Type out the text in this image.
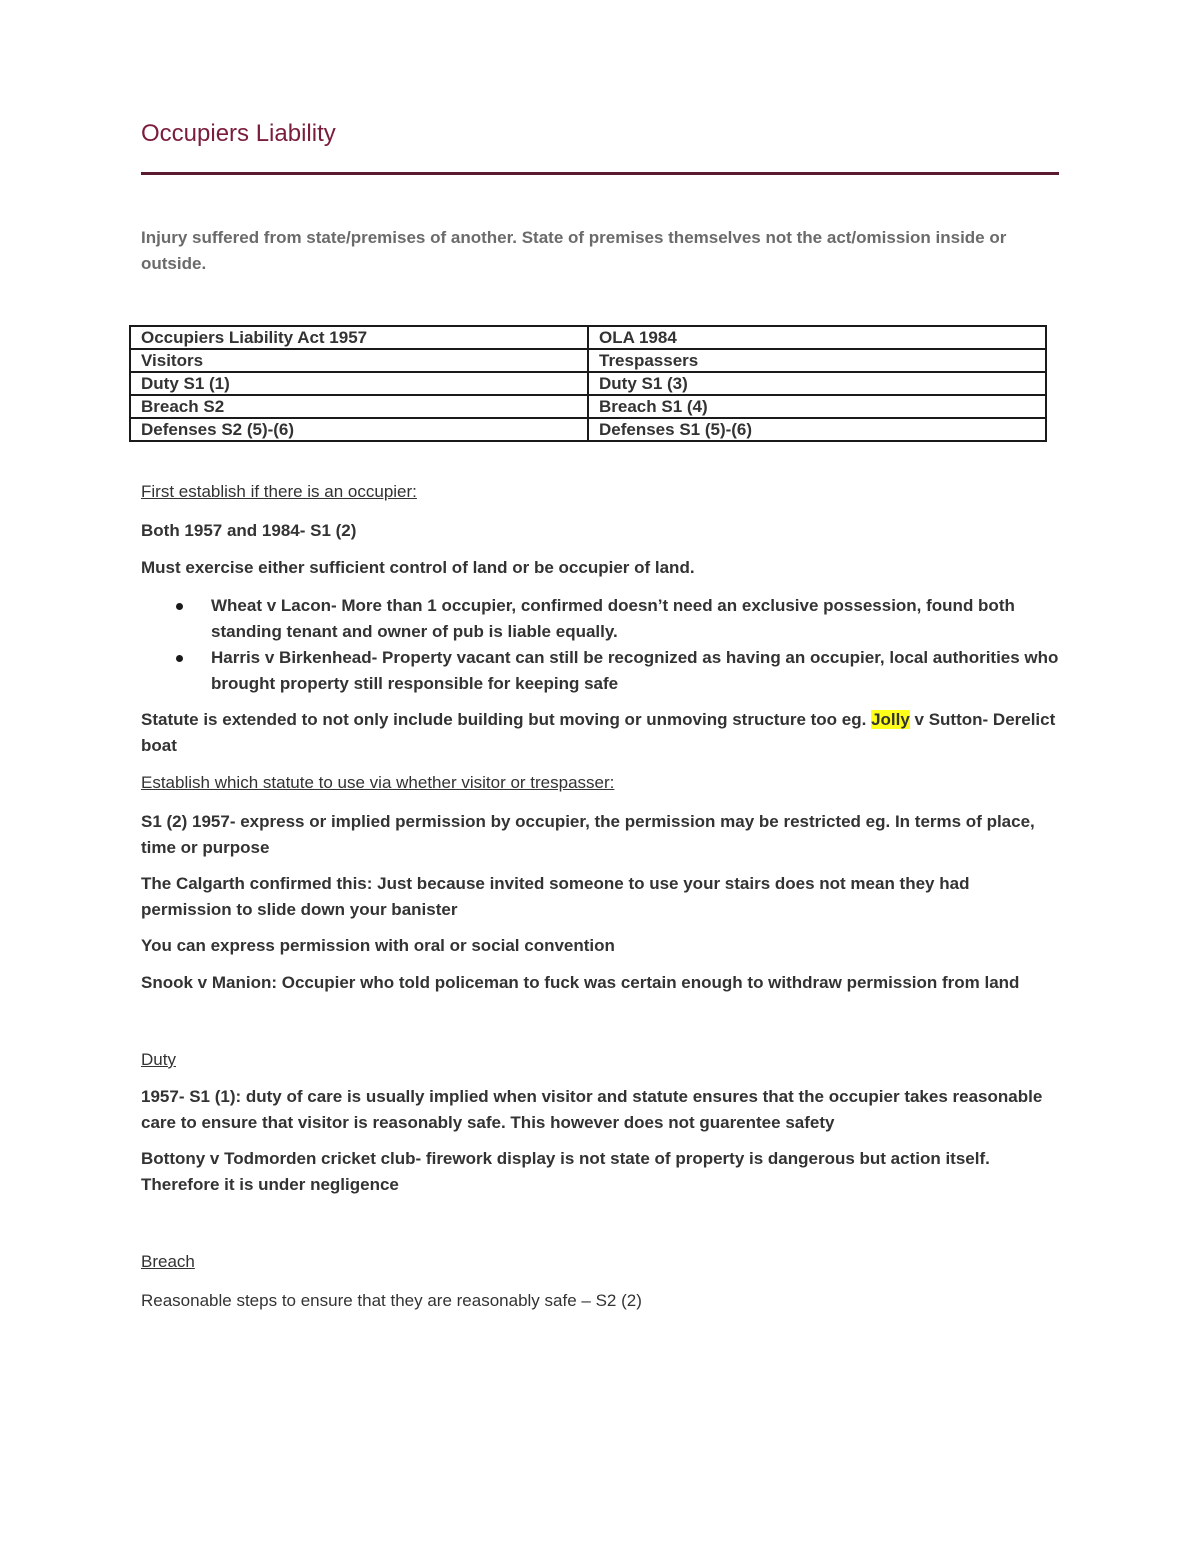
Occupiers Liability

Injury suffered from state/premises of another. State of premises themselves not the act/omission inside or outside.

Occupiers Liability Act 1957	OLA 1984
Visitors	Trespassers
Duty S1 (1)	Duty S1 (3)
Breach S2	Breach S1 (4)
Defenses S2 (5)-(6)	Defenses S1 (5)-(6)

First establish if there is an occupier:

Both 1957 and 1984- S1 (2)

Must exercise either sufficient control of land or be occupier of land.

Wheat v Lacon- More than 1 occupier, confirmed doesn’t need an exclusive possession, found both standing tenant and owner of pub is liable equally.
Harris v Birkenhead- Property vacant can still be recognized as having an occupier, local authorities who brought property still responsible for keeping safe

Statute is extended to not only include building but moving or unmoving structure too eg. Jolly v Sutton- Derelict boat

Establish which statute to use via whether visitor or trespasser:

S1 (2) 1957- express or implied permission by occupier, the permission may be restricted eg. In terms of place, time or purpose

The Calgarth confirmed this: Just because invited someone to use your stairs does not mean they had permission to slide down your banister

You can express permission with oral or social convention

Snook v Manion: Occupier who told policeman to fuck was certain enough to withdraw permission from land

Duty

1957- S1 (1): duty of care is usually implied when visitor and statute ensures that the occupier takes reasonable care to ensure that visitor is reasonably safe. This however does not guarentee safety

Bottony v Todmorden cricket club- firework display is not state of property is dangerous but action itself. Therefore it is under negligence

Breach

Reasonable steps to ensure that they are reasonably safe – S2 (2)
